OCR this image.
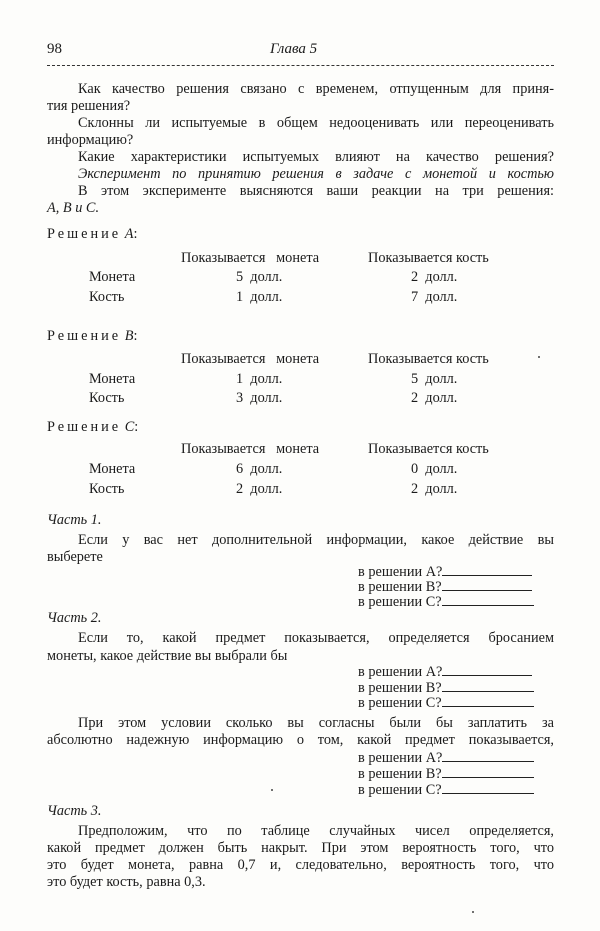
98	Глава 5
Как качество решения связано с временем, отпущенным для приня-
тия решения?
Склонны ли испытуемые в общем недооценивать или переоценивать
информацию?
Какие характеристики испытуемых влияют на качество решения?
Эксперимент по принятию решения в задаче с монетой и костью
В этом эксперименте выясняются ваши реакции на три решения:
A, B и C.
Решение A:
Показывается   монета	Показывается кость
Монета	5  долл.	2  долл.
Кость	1  долл.	7  долл.
Решение B:
Показывается   монета	Показывается кость
Монета	1  долл.	5  долл.
Кость	3  долл.	2  долл.
Решение C:
Показывается   монета	Показывается кость
Монета	6  долл.	0  долл.
Кость	2  долл.	2  долл.
Часть 1.
Если у вас нет дополнительной информации, какое действие вы
выберете
в решении A?
в решении B?
в решении C?
Часть 2.
Если то, какой предмет показывается, определяется бросанием
монеты, какое действие вы выбрали бы
в решении A?
в решении B?
в решении C?
При этом условии сколько вы согласны были бы заплатить за
абсолютно надежную информацию о том, какой предмет показывается,
в решении A?
в решении B?
в решении C?
Часть 3.
Предположим, что по таблице случайных чисел определяется,
какой предмет должен быть накрыт. При этом вероятность того, что
это будет монета, равна 0,7 и, следовательно, вероятность того, что
это будет кость, равна 0,3.
